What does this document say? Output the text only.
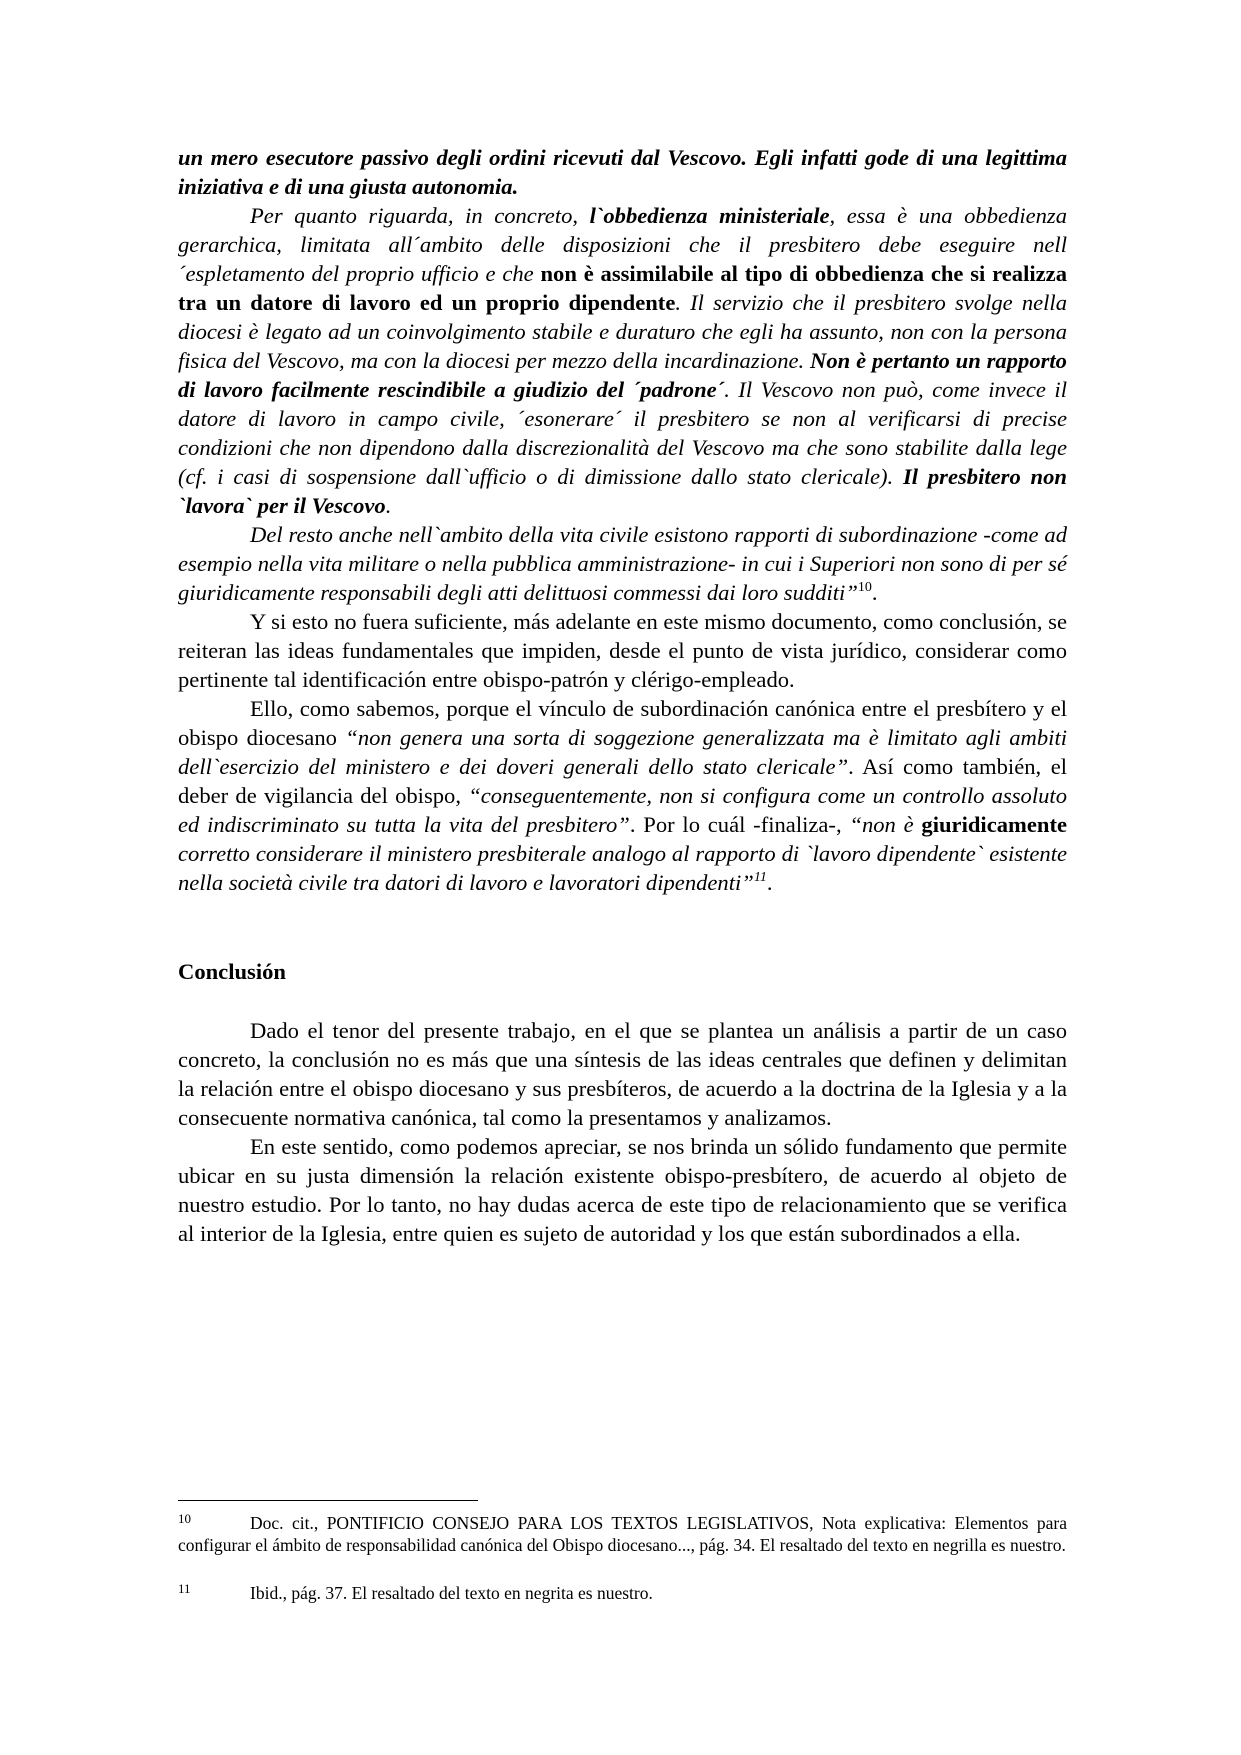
un mero esecutore passivo degli ordini ricevuti dal Vescovo. Egli infatti gode di una legittima iniziativa e di una giusta autonomia.

Per quanto riguarda, in concreto, l`obbedienza ministeriale, essa è una obbedienza gerarchica, limitata all´ambito delle disposizioni che il presbitero debe eseguire nell´espletamento del proprio ufficio e che non è assimilabile al tipo di obbedienza che si realizza tra un datore di lavoro ed un proprio dipendente. Il servizio che il presbitero svolge nella diocesi è legato ad un coinvolgimento stabile e duraturo che egli ha assunto, non con la persona fisica del Vescovo, ma con la diocesi per mezzo della incardinazione. Non è pertanto un rapporto di lavoro facilmente rescindibile a giudizio del ´padrone´. Il Vescovo non può, come invece il datore di lavoro in campo civile, ´esonerare´ il presbitero se non al verificarsi di precise condizioni che non dipendono dalla discrezionalità del Vescovo ma che sono stabilite dalla lege (cf. i casi di sospensione dall`ufficio o di dimissione dallo stato clericale). Il presbitero non `lavora` per il Vescovo.

Del resto anche nell`ambito della vita civile esistono rapporti di subordinazione -come ad esempio nella vita militare o nella pubblica amministrazione- in cui i Superiori non sono di per sé giuridicamente responsabili degli atti delittuosi commessi dai loro sudditi”$^{10}$.

Y si esto no fuera suficiente, más adelante en este mismo documento, como conclusión, se reiteran las ideas fundamentales que impiden, desde el punto de vista jurídico, considerar como pertinente tal identificación entre obispo-patrón y clérigo-empleado.

Ello, como sabemos, porque el vínculo de subordinación canónica entre el presbítero y el obispo diocesano “non genera una sorta di soggezione generalizzata ma è limitato agli ambiti dell`esercizio del ministero e dei doveri generali dello stato clericale”. Así como también, el deber de vigilancia del obispo, “conseguentemente, non si configura come un controllo assoluto ed indiscriminato su tutta la vita del presbitero”. Por lo cuál -finaliza-, “non è giuridicamente corretto considerare il ministero presbiterale analogo al rapporto di `lavoro dipendente` esistente nella società civile tra datori di lavoro e lavoratori dipendenti”$^{11}$.

Conclusión

Dado el tenor del presente trabajo, en el que se plantea un análisis a partir de un caso concreto, la conclusión no es más que una síntesis de las ideas centrales que definen y delimitan la relación entre el obispo diocesano y sus presbíteros, de acuerdo a la doctrina de la Iglesia y a la consecuente normativa canónica, tal como la presentamos y analizamos.

En este sentido, como podemos apreciar, se nos brinda un sólido fundamento que permite ubicar en su justa dimensión la relación existente obispo-presbítero, de acuerdo al objeto de nuestro estudio. Por lo tanto, no hay dudas acerca de este tipo de relacionamiento que se verifica al interior de la Iglesia, entre quien es sujeto de autoridad y los que están subordinados a ella.

10	Doc. cit., PONTIFICIO CONSEJO PARA LOS TEXTOS LEGISLATIVOS, Nota explicativa: Elementos para configurar el ámbito de responsabilidad canónica del Obispo diocesano..., pág. 34. El resaltado del texto en negrilla es nuestro.
11	Ibid., pág. 37. El resaltado del texto en negrita es nuestro.
